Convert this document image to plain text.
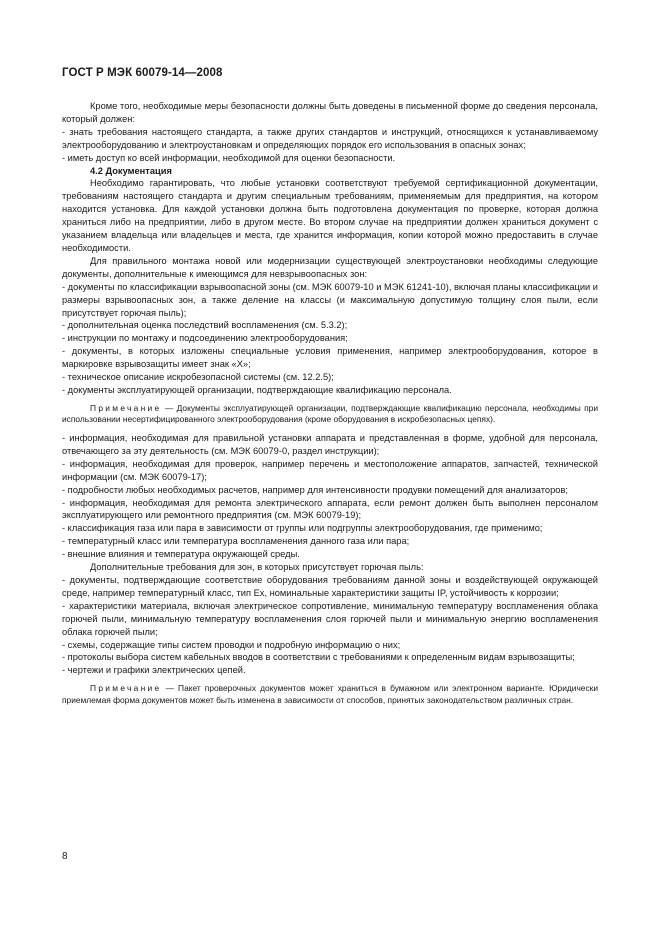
ГОСТ Р МЭК 60079-14—2008

Кроме того, необходимые меры безопасности должны быть доведены в письменной форме до сведения персонала, который должен:

- знать требования настоящего стандарта, а также других стандартов и инструкций, относящихся к устанавливаемому электрооборудованию и электроустановкам и определяющих порядок его использования в опасных зонах;

- иметь доступ ко всей информации, необходимой для оценки безопасности.

4.2 Документация

Необходимо гарантировать, что любые установки соответствуют требуемой сертификационной документации, требованиям настоящего стандарта и другим специальным требованиям, применяемым для предприятия, на котором находится установка. Для каждой установки должна быть подготовлена документация по проверке, которая должна храниться либо на предприятии, либо в другом месте. Во втором случае на предприятии должен храниться документ с указанием владельца или владельцев и места, где хранится информация, копии которой можно предоставить в случае необходимости.

Для правильного монтажа новой или модернизации существующей электроустановки необходимы следующие документы, дополнительные к имеющимся для невзрывоопасных зон:

- документы по классификации взрывоопасной зоны (см. МЭК 60079-10 и МЭК 61241-10), включая планы классификации и размеры взрывоопасных зон, а также деление на классы (и максимальную допустимую толщину слоя пыли, если присутствует горючая пыль);

- дополнительная оценка последствий воспламенения (см. 5.3.2);

- инструкции по монтажу и подсоединению электрооборудования;

- документы, в которых изложены специальные условия применения, например электрооборудования, которое в маркировке взрывозащиты имеет знак «X»;

- техническое описание искробезопасной системы (см. 12.2.5);

- документы эксплуатирующей организации, подтверждающие квалификацию персонала.

Примечание — Документы эксплуатирующей организации, подтверждающие квалификацию персонала, необходимы при использовании несертифицированного электрооборудования (кроме оборудования в искробезопасных цепях).

- информация, необходимая для правильной установки аппарата и представленная в форме, удобной для персонала, отвечающего за эту деятельность (см. МЭК 60079-0, раздел инструкции);

- информация, необходимая для проверок, например перечень и местоположение аппаратов, запчастей, технической информации (см. МЭК 60079-17);

- подробности любых необходимых расчетов, например для интенсивности продувки помещений для анализаторов;

- информация, необходимая для ремонта электрического аппарата, если ремонт должен быть выполнен персоналом эксплуатирующего или ремонтного предприятия (см. МЭК 60079-19);

- классификация газа или пара в зависимости от группы или подгруппы электрооборудования, где применимо;

- температурный класс или температура воспламенения данного газа или пара;

- внешние влияния и температура окружающей среды.

Дополнительные требования для зон, в которых присутствует горючая пыль:

- документы, подтверждающие соответствие оборудования требованиям данной зоны и воздействующей окружающей среде, например температурный класс, тип Ex, номинальные характеристики защиты IP, устойчивость к коррозии;

- характеристики материала, включая электрическое сопротивление, минимальную температуру воспламенения облака горючей пыли, минимальную температуру воспламенения слоя горючей пыли и минимальную энергию воспламенения облака горючей пыли;

- схемы, содержащие типы систем проводки и подробную информацию о них;

- протоколы выбора систем кабельных вводов в соответствии с требованиями к определенным видам взрывозащиты;

- чертежи и графики электрических цепей.

Примечание — Пакет проверочных документов может храниться в бумажном или электронном варианте. Юридически приемлемая форма документов может быть изменена в зависимости от способов, принятых законодательством различных стран.

8
